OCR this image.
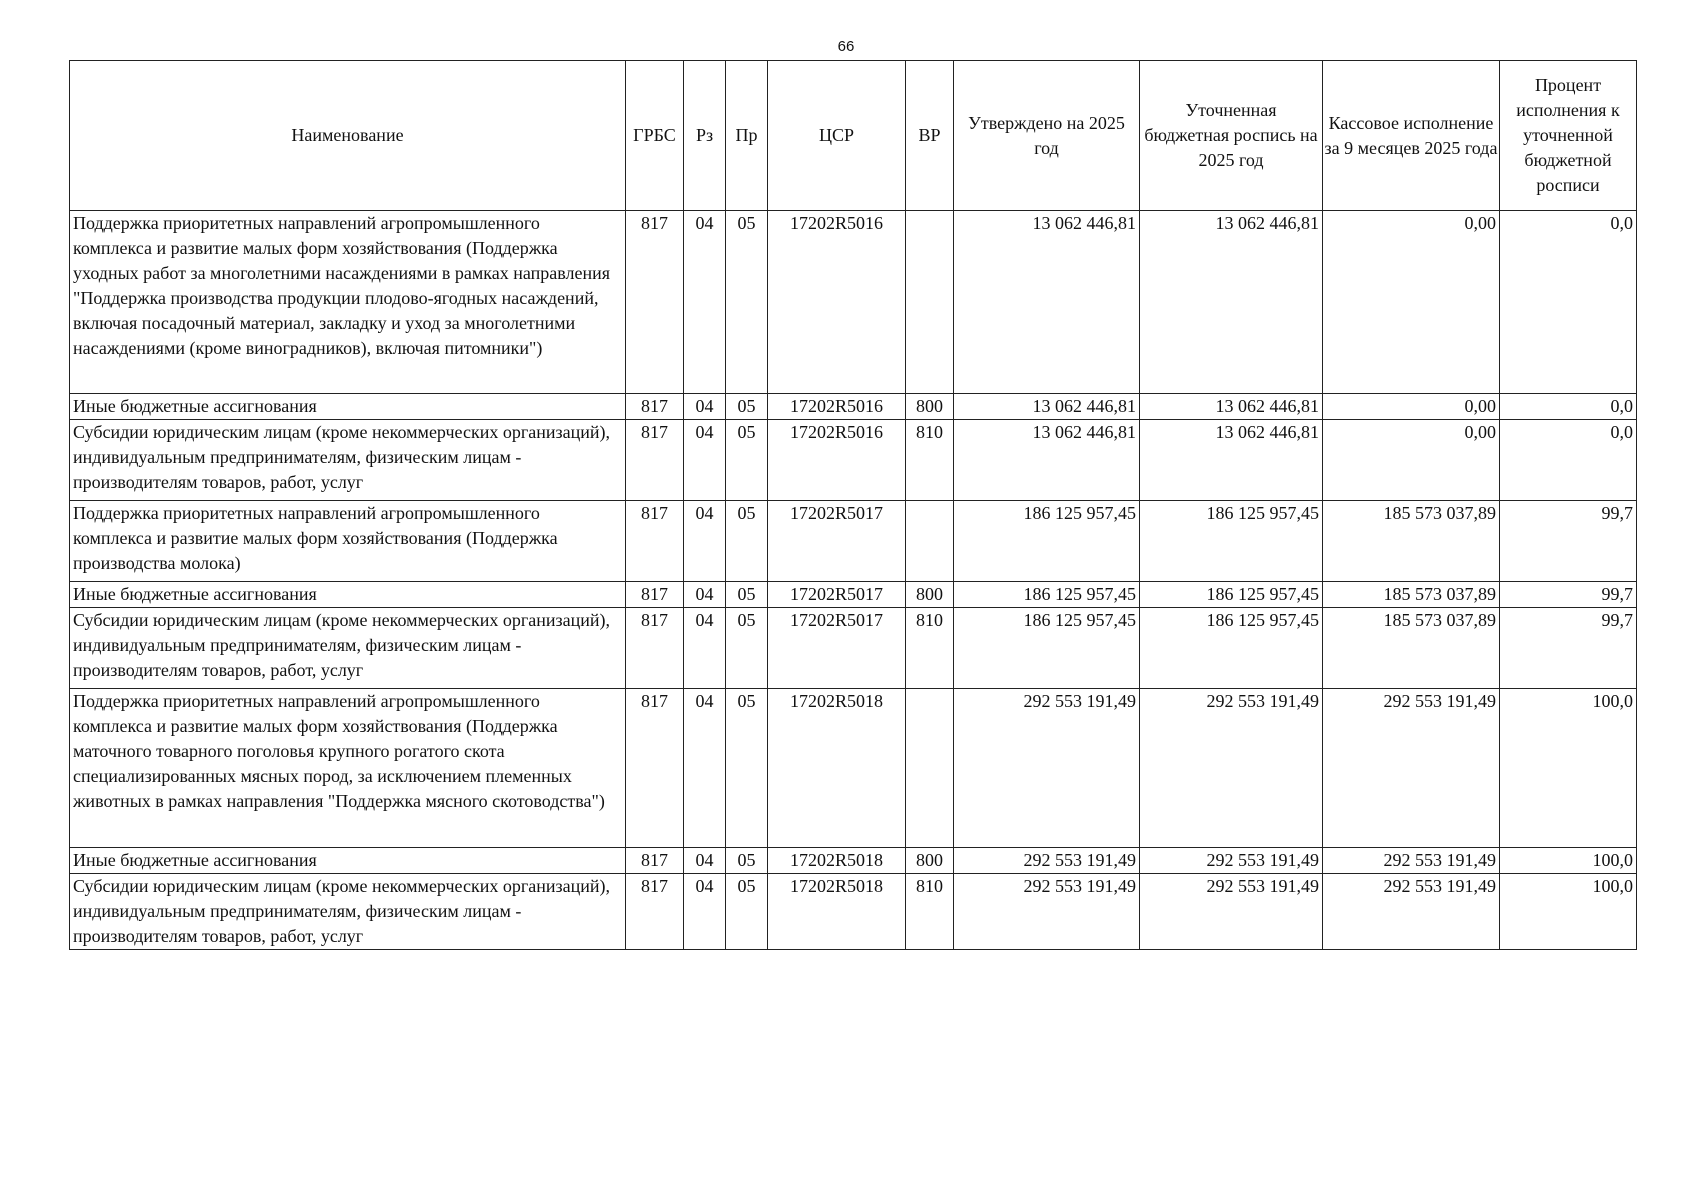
66
Наименование	ГРБС	Рз	Пр	ЦСР	ВР	Утверждено на 2025 год	Уточненная бюджетная роспись на 2025 год	Кассовое исполнение за 9 месяцев 2025 года	Процент исполнения к уточненной бюджетной росписи
Поддержка приоритетных направлений агропромышленного комплекса и развитие малых форм хозяйствования (Поддержка уходных работ за многолетними насаждениями в рамках направления "Поддержка производства продукции плодово-ягодных насаждений, включая посадочный материал, закладку и уход за многолетними насаждениями (кроме виноградников), включая питомники")	817	04	05	17202R5016		13 062 446,81	13 062 446,81	0,00	0,0
Иные бюджетные ассигнования	817	04	05	17202R5016	800	13 062 446,81	13 062 446,81	0,00	0,0
Субсидии юридическим лицам (кроме некоммерческих организаций), индивидуальным предпринимателям, физическим лицам - производителям товаров, работ, услуг	817	04	05	17202R5016	810	13 062 446,81	13 062 446,81	0,00	0,0
Поддержка приоритетных направлений агропромышленного комплекса и развитие малых форм хозяйствования (Поддержка производства молока)	817	04	05	17202R5017		186 125 957,45	186 125 957,45	185 573 037,89	99,7
Иные бюджетные ассигнования	817	04	05	17202R5017	800	186 125 957,45	186 125 957,45	185 573 037,89	99,7
Субсидии юридическим лицам (кроме некоммерческих организаций), индивидуальным предпринимателям, физическим лицам - производителям товаров, работ, услуг	817	04	05	17202R5017	810	186 125 957,45	186 125 957,45	185 573 037,89	99,7
Поддержка приоритетных направлений агропромышленного комплекса и развитие малых форм хозяйствования (Поддержка маточного товарного поголовья крупного рогатого скота специализированных мясных пород, за исключением племенных животных в рамках направления "Поддержка мясного скотоводства")	817	04	05	17202R5018		292 553 191,49	292 553 191,49	292 553 191,49	100,0
Иные бюджетные ассигнования	817	04	05	17202R5018	800	292 553 191,49	292 553 191,49	292 553 191,49	100,0
Субсидии юридическим лицам (кроме некоммерческих организаций), индивидуальным предпринимателям, физическим лицам - производителям товаров, работ, услуг	817	04	05	17202R5018	810	292 553 191,49	292 553 191,49	292 553 191,49	100,0
